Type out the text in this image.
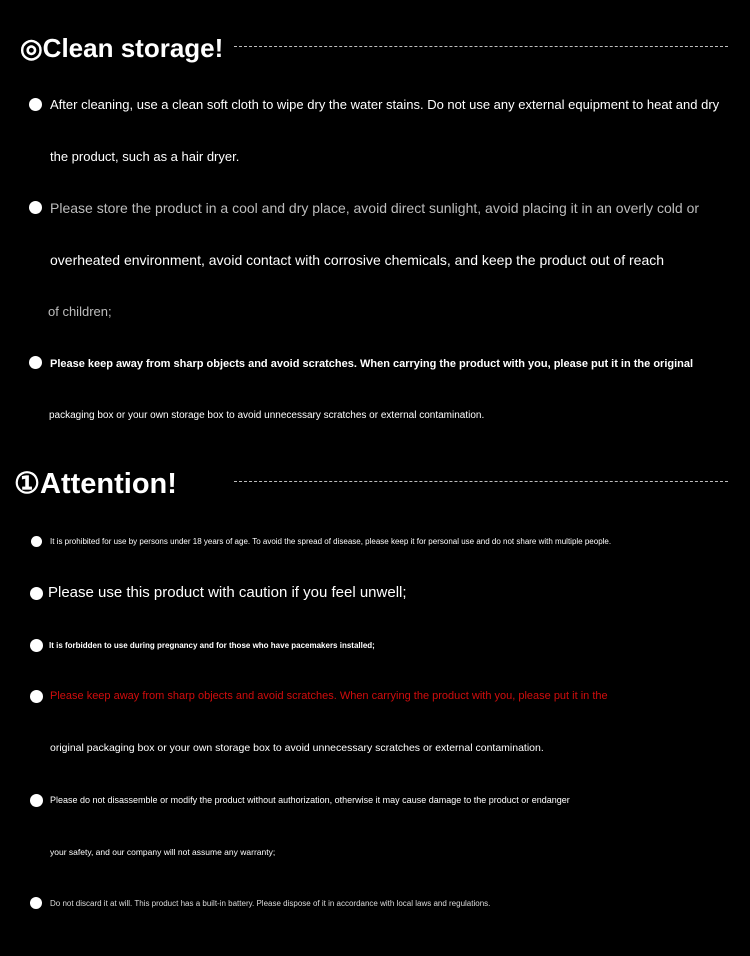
◎Clean storage!
After cleaning, use a clean soft cloth to wipe dry the water stains. Do not use any external equipment to heat and dry
the product, such as a hair dryer.
Please store the product in a cool and dry place, avoid direct sunlight, avoid placing it in an overly cold or
overheated environment, avoid contact with corrosive chemicals, and keep the product out of reach
of children;
Please keep away from sharp objects and avoid scratches. When carrying the product with you, please put it in the original
packaging box or your own storage box to avoid unnecessary scratches or external contamination.
①Attention!
It is prohibited for use by persons under 18 years of age. To avoid the spread of disease, please keep it for personal use and do not share with multiple people.
Please use this product with caution if you feel unwell;
It is forbidden to use during pregnancy and for those who have pacemakers installed;
Please keep away from sharp objects and avoid scratches. When carrying the product with you, please put it in the
original packaging box or your own storage box to avoid unnecessary scratches or external contamination.
Please do not disassemble or modify the product without authorization, otherwise it may cause damage to the product or endanger
your safety, and our company will not assume any warranty;
Do not discard it at will. This product has a built-in battery. Please dispose of it in accordance with local laws and regulations.
